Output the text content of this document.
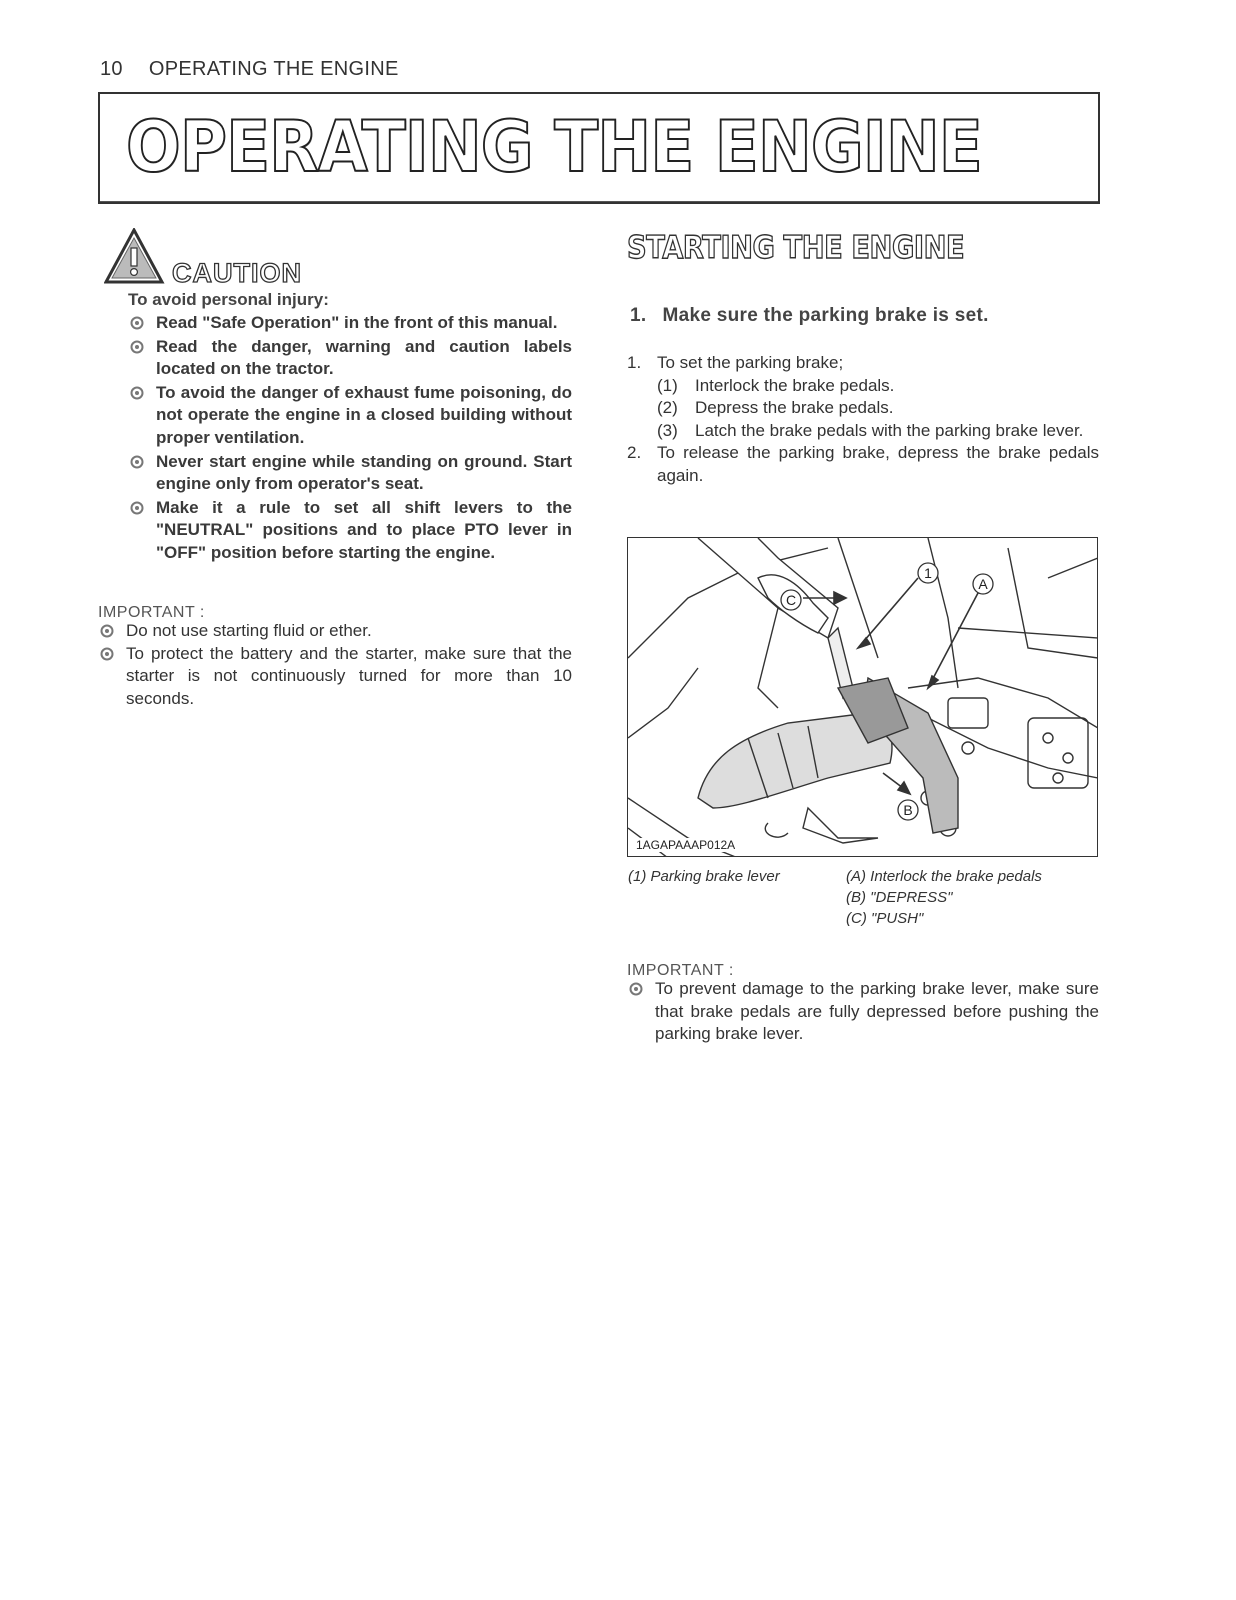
10 OPERATING THE ENGINE
OPERATING THE ENGINE
CAUTION
To avoid personal injury:
Read "Safe Operation" in the front of this manual.
Read the danger, warning and caution labels located on the tractor.
To avoid the danger of exhaust fume poisoning, do not operate the engine in a closed building without proper ventilation.
Never start engine while standing on ground. Start engine only from operator's seat.
Make it a rule to set all shift levers to the "NEUTRAL" positions and to place PTO lever in "OFF" position before starting the engine.
IMPORTANT :
Do not use starting fluid or ether.
To protect the battery and the starter, make sure that the starter is not continuously turned for more than 10 seconds.
STARTING THE ENGINE
1. Make sure the parking brake is set.
1. To set the parking brake;
(1) Interlock the brake pedals.
(2) Depress the brake pedals.
(3) Latch the brake pedals with the parking brake lever.
2. To release the parking brake, depress the brake pedals again.
1
A
B
C
1AGAPAAAP012A
(1) Parking brake lever	(A) Interlock the brake pedals
(B) "DEPRESS"
(C) "PUSH"
IMPORTANT :
To prevent damage to the parking brake lever, make sure that brake pedals are fully depressed before pushing the parking brake lever.
